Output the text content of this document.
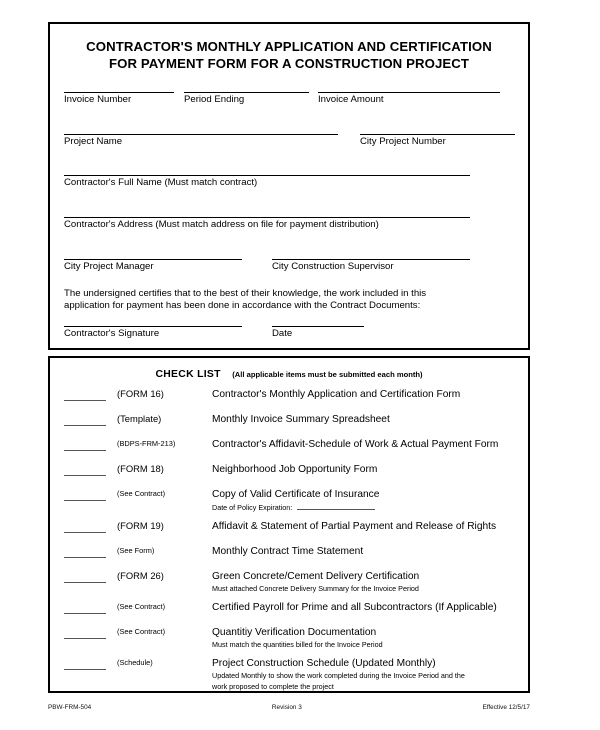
CONTRACTOR'S MONTHLY APPLICATION AND CERTIFICATION
FOR PAYMENT FORM FOR A CONSTRUCTION PROJECT
Invoice Number	Period Ending	Invoice Amount
Project Name	City Project Number
Contractor's Full Name (Must match contract)
Contractor's Address (Must match address on file for payment distribution)
City Project Manager	City Construction Supervisor
The undersigned certifies that to the best of their knowledge, the work included in this
application for payment has been done in accordance with the Contract Documents:
Contractor's Signature	Date
CHECK LIST (All applicable items must be submitted each month)
(FORM 16)	Contractor's Monthly Application and Certification Form
(Template)	Monthly Invoice Summary Spreadsheet
(BDPS-FRM-213)	Contractor's Affidavit-Schedule of Work & Actual Payment Form
(FORM 18)	Neighborhood Job Opportunity Form
(See Contract)	Copy of Valid Certificate of Insurance
Date of Policy Expiration:
(FORM 19)	Affidavit & Statement of Partial Payment and Release of Rights
(See Form)	Monthly Contract Time Statement
(FORM 26)	Green Concrete/Cement Delivery Certification
Must attached Concrete Delivery Summary for the Invoice Period
(See Contract)	Certified Payroll for Prime and all Subcontractors (If Applicable)
(See Contract)	Quantitiy Verification Documentation
Must match the quantities billed for the Invoice Period
(Schedule)	Project Construction Schedule (Updated Monthly)
Updated Monthly to show the work completed during the Invoice Period and the
work proposed to complete the project
PBW-FRM-504	Revision 3	Effective 12/5/17
